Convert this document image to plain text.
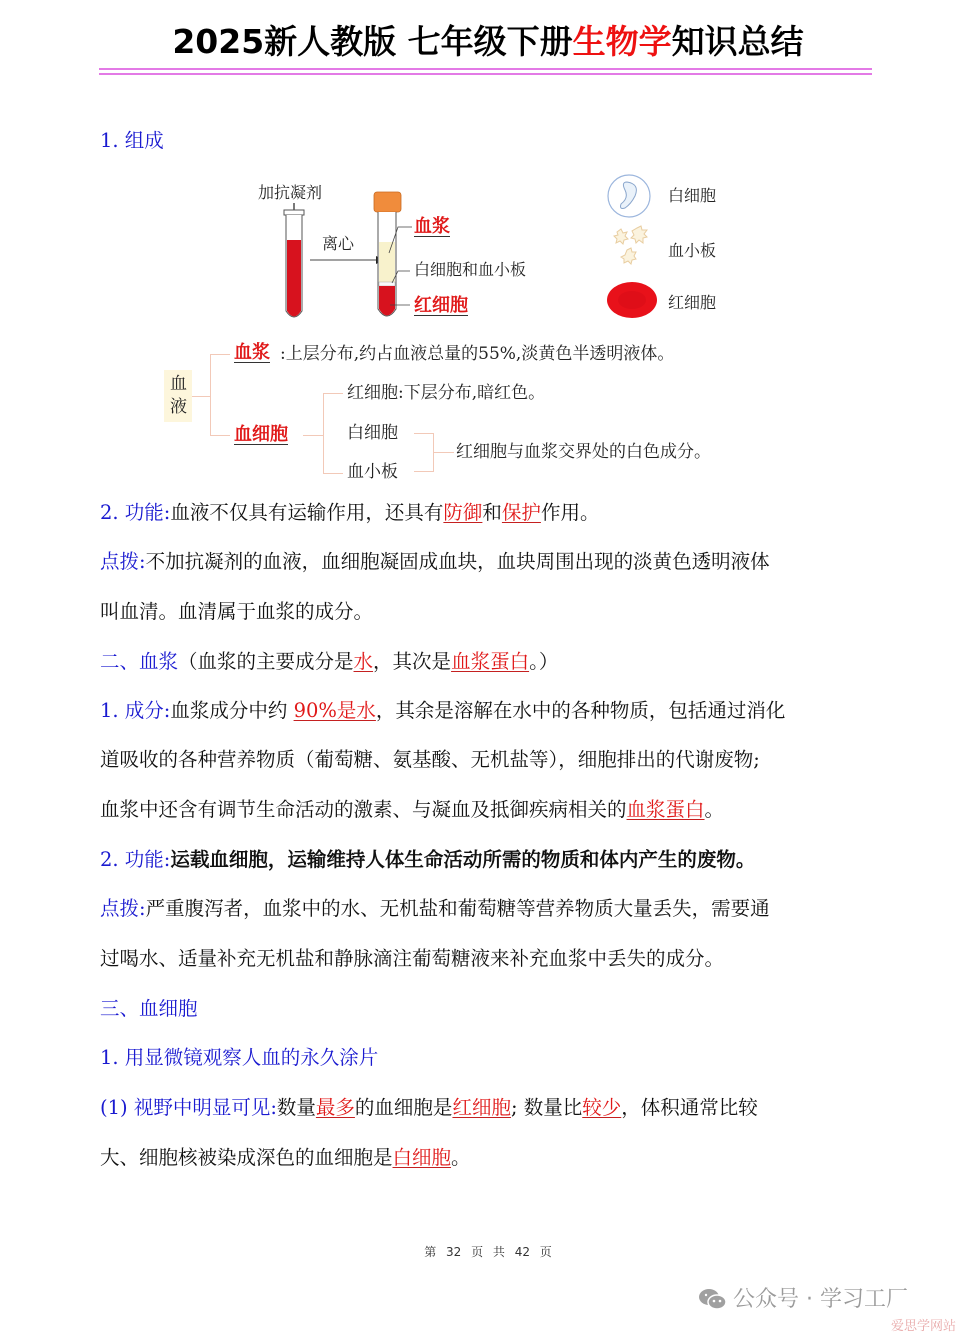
2025新人教版 七年级下册生物学知识总结
1. 组成
加抗凝剂
离心
血浆
白细胞和血小板
红细胞
白细胞
血小板
红细胞
血
液
血浆 :上层分布,约占血液总量的55%,淡黄色半透明液体。
血细胞
红细胞:下层分布,暗红色。
白细胞
血小板
红细胞与血浆交界处的白色成分。
2. 功能:血液不仅具有运输作用，还具有防御和保护作用。
点拨:不加抗凝剂的血液，血细胞凝固成血块，血块周围出现的淡黄色透明液体
叫血清。血清属于血浆的成分。
二、血浆（血浆的主要成分是水，其次是血浆蛋白。）
1. 成分:血浆成分中约 90%是水，其余是溶解在水中的各种物质，包括通过消化
道吸收的各种营养物质（葡萄糖、氨基酸、无机盐等），细胞排出的代谢废物;
血浆中还含有调节生命活动的激素、与凝血及抵御疾病相关的血浆蛋白。
2. 功能:运载血细胞，运输维持人体生命活动所需的物质和体内产生的废物。
点拨:严重腹泻者，血浆中的水、无机盐和葡萄糖等营养物质大量丢失，需要通
过喝水、适量补充无机盐和静脉滴注葡萄糖液来补充血浆中丢失的成分。
三、血细胞
1. 用显微镜观察人血的永久涂片
(1) 视野中明显可见:数量最多的血细胞是红细胞; 数量比较少，体积通常比较
大、细胞核被染成深色的血细胞是白细胞。
第 32 页 共 42 页
公众号 · 学习工厂
爱思学网站
